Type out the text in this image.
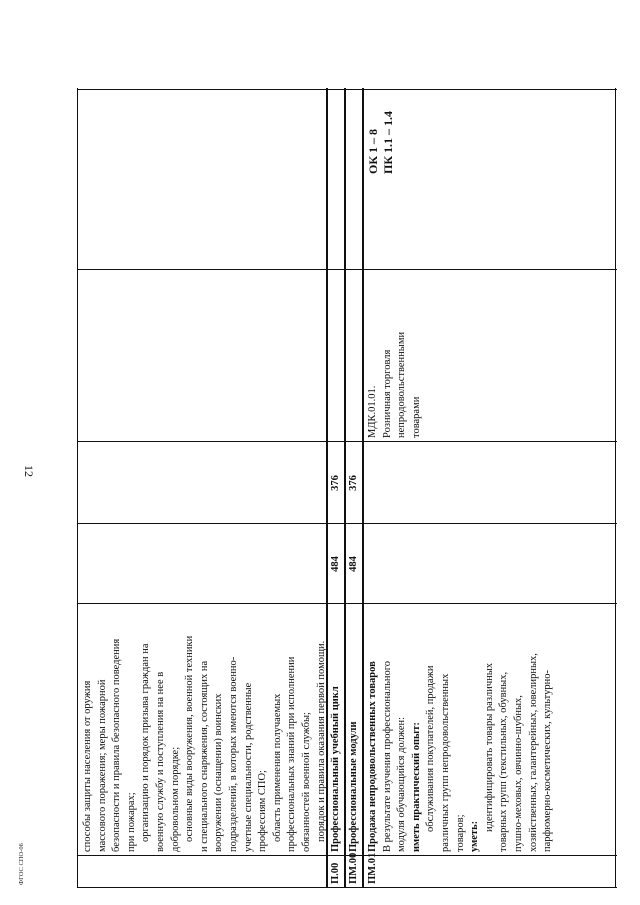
12
ФГОС СПО-06

способы защиты населения от оружия массового поражения; меры пожарной безопасности и правила безопасного поведения при пожарах; организацию и порядок призыва граждан на военную службу и поступления на нее в добровольном порядке; основные виды вооружения, военной техники и специального снаряжения, состоящих на вооружении (оснащении) воинских подразделений, в которых имеются военно- учетные специальности, родственные профессиям СПО; область применения получаемых профессиональных знаний при исполнении обязанностей военной службы; порядок и правила оказания первой помощи.

П.00
Профессиональный учебный цикл
484
376
ПМ.00
Профессиональные модули
484
376
ПМ.01

Продажа непродовольственных товаров В результате изучения профессионального модуля обучающийся должен: иметь практический опыт: обслуживания покупателей, продажи различных групп непродовольственных товаров; уметь:

идентифицировать товары различных товарных групп (текстильных, обувных, пушно-меховых, овчинно-шубных, хозяйственных, галантерейных, ювелирных, парфюмерно-косметических, культурно-

МДК.01.01. Розничная торговля непродовольственными товарами

ОК 1 – 8 ПК 1.1 – 1.4
